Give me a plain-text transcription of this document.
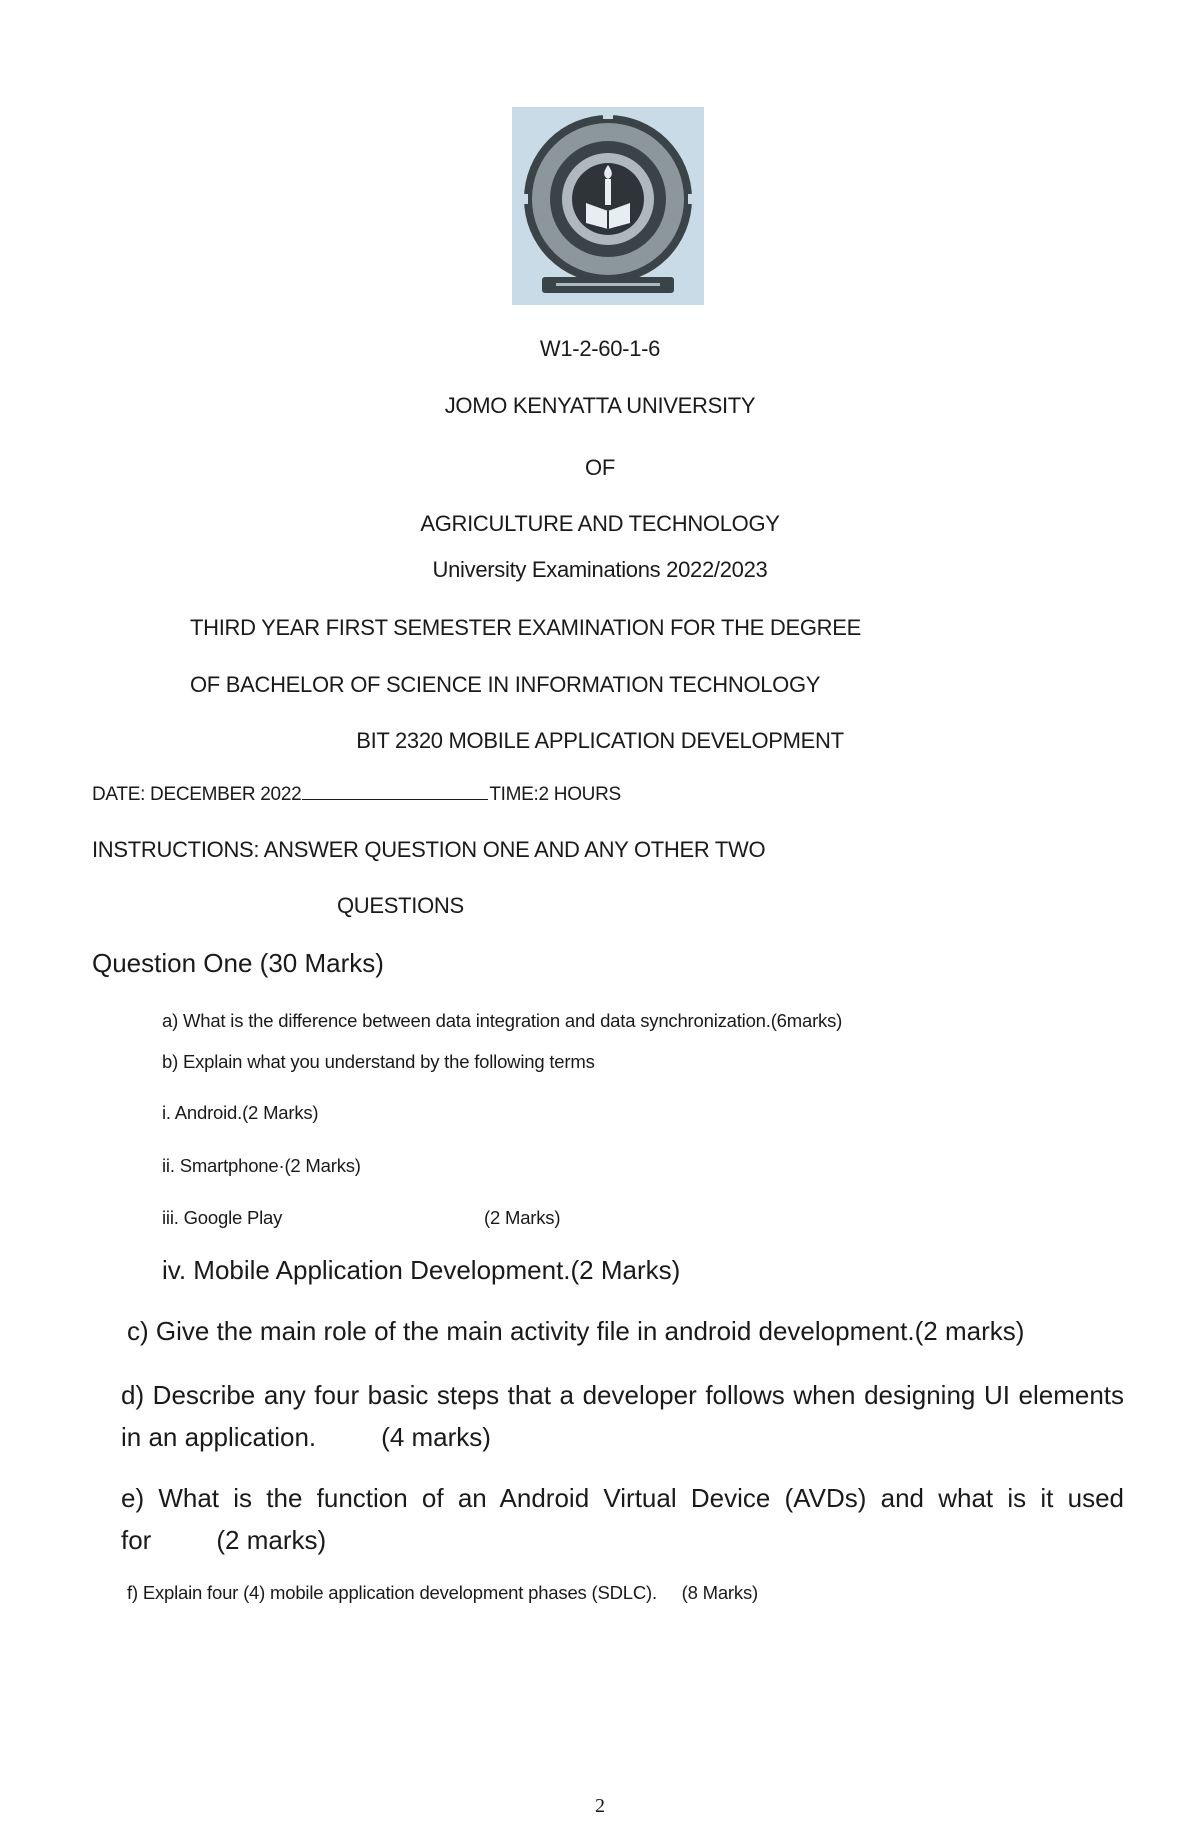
W1-2-60-1-6
JOMO KENYATTA UNIVERSITY
OF
AGRICULTURE AND TECHNOLOGY
University Examinations 2022/2023
THIRD YEAR FIRST SEMESTER EXAMINATION FOR THE DEGREE
OF BACHELOR OF SCIENCE IN INFORMATION TECHNOLOGY
BIT 2320 MOBILE APPLICATION DEVELOPMENT
DATE: DECEMBER 2022	TIME:2 HOURS
INSTRUCTIONS: ANSWER QUESTION ONE AND ANY OTHER TWO
QUESTIONS
Question One (30 Marks)
a) What is the difference between data integration and data synchronization.(6marks)
b) Explain what you understand by the following terms
i. Android.(2 Marks)
ii. Smartphone·(2 Marks)
iii. Google Play	(2 Marks)
iv. Mobile Application Development.(2 Marks)
c) Give the main role of the main activity file in android development.(2 marks)
d) Describe any four basic steps that a developer follows when designing UI elements in an application.	(4 marks)
e) What is the function of an Android Virtual Device (AVDs) and what is it used for	(2 marks)
f) Explain four (4) mobile application development phases (SDLC). (8 Marks)
2
